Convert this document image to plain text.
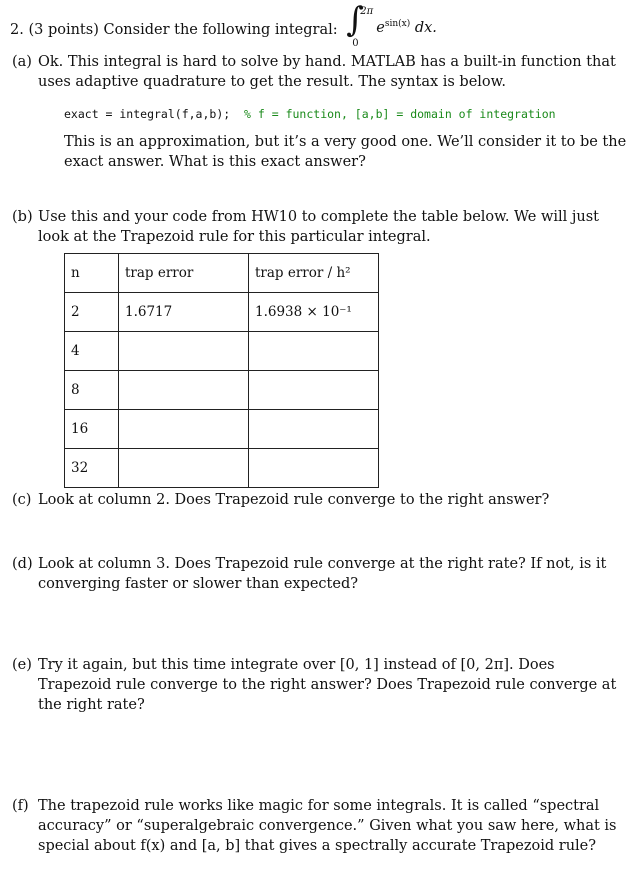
2. (3 points) Consider the following integral: ∫
2π
0
$e^{sin(x)}$ dx.
(a) Ok. This integral is hard to solve by hand. MATLAB has a built-in function that uses adaptive quadrature to get the result. The syntax is below.

exact = integral(f,a,b); % f = function, [a,b] = domain of integration

This is an approximation, but it’s a very good one. We’ll consider it to be the exact answer. What is this exact answer?

(b) Use this and your code from HW10 to complete the table below. We will just look at the Trapezoid rule for this particular integral.

n	trap error	trap error / h²
2	1.6717	1.6938 × 10⁻¹
4		
8		
16		
32		
(c) Look at column 2. Does Trapezoid rule converge to the right answer?

(d) Look at column 3. Does Trapezoid rule converge at the right rate? If not, is it converging faster or slower than expected?

(e) Try it again, but this time integrate over [0, 1] instead of [0, 2π]. Does Trapezoid rule converge to the right answer? Does Trapezoid rule converge at the right rate?

(f) The trapezoid rule works like magic for some integrals. It is called “spectral accuracy” or “superalgebraic convergence.” Given what you saw here, what is special about f(x) and [a, b] that gives a spectrally accurate Trapezoid rule?
